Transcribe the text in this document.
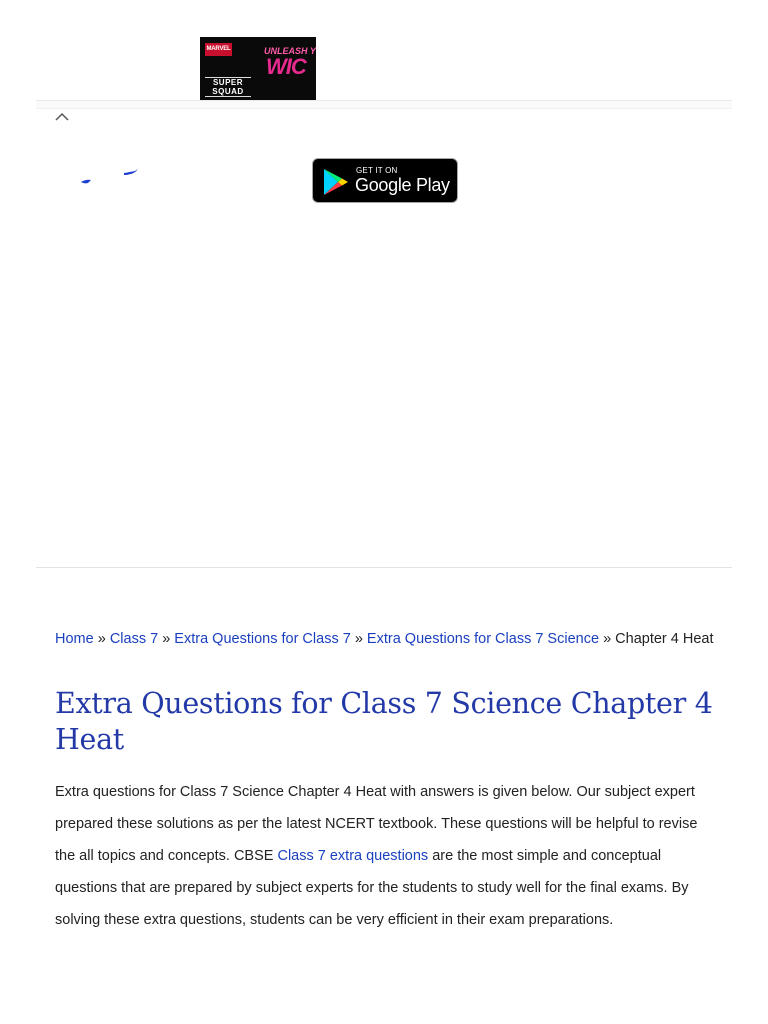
MARVEL	UNLEASH Y
WIC
SUPER
SQUAD
GET IT ON
Google Play
Home » Class 7 » Extra Questions for Class 7 » Extra Questions for Class 7 Science » Chapter 4 Heat
Extra Questions for Class 7 Science Chapter 4 Heat

Extra questions for Class 7 Science Chapter 4 Heat with answers is given below. Our subject expert prepared these solutions as per the latest NCERT textbook. These questions will be helpful to revise the all topics and concepts. CBSE Class 7 extra questions are the most simple and conceptual questions that are prepared by subject experts for the students to study well for the final exams. By solving these extra questions, students can be very efficient in their exam preparations.
